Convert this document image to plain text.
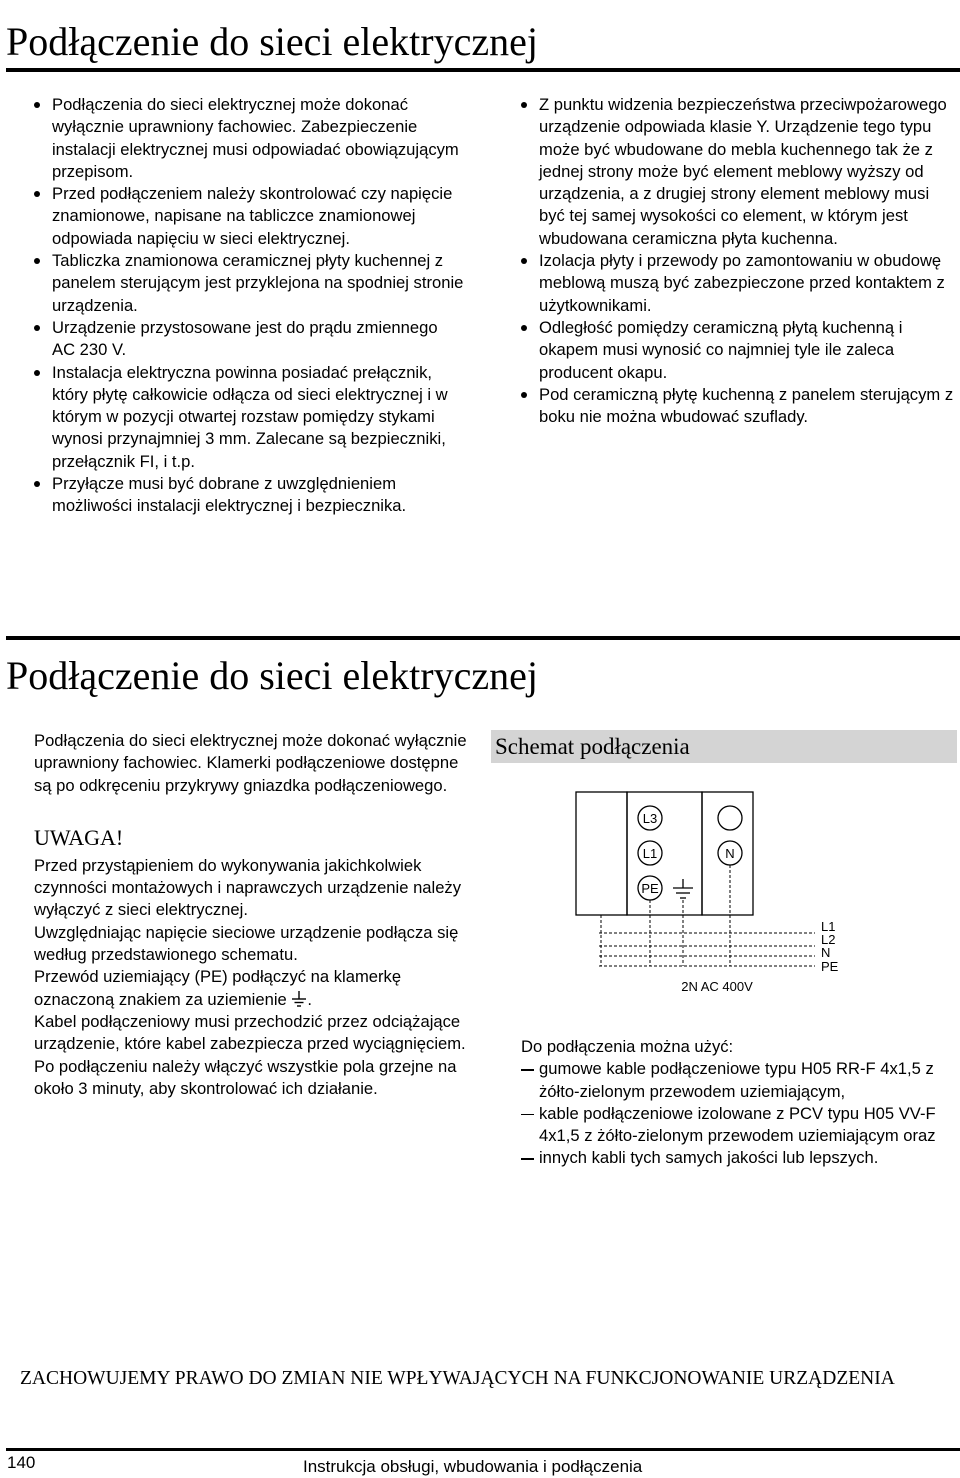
Podłączenie do sieci elektrycznej
Podłączenia do sieci elektrycznej może dokonać wyłącznie uprawniony fachowiec. Zabezpieczenie instalacji elektrycznej musi odpowiadać obowiązującym przepisom.
Przed podłączeniem należy skontrolować czy napięcie znamionowe, napisane na tabliczce znamionowej odpowiada napięciu w sieci elektrycznej.
Tabliczka znamionowa ceramicznej płyty kuchennej z panelem sterującym jest przyklejona na spodniej stronie urządzenia.
Urządzenie przystosowane jest do prądu zmiennego AC 230 V.
Instalacja elektryczna powinna posiadać prełącznik, który płytę całkowicie odłącza od sieci elektrycznej i w którym w pozycji otwartej rozstaw pomiędzy stykami wynosi przynajmniej 3 mm. Zalecane są bezpieczniki, przełącznik FI, i t.p.
Przyłącze musi być dobrane z uwzględnieniem możliwości instalacji elektrycznej i bezpiecznika.
Z punktu widzenia bezpieczeństwa przeciwpożarowego urządzenie odpowiada klasie Y. Urządzenie tego typu może być wbudowane do mebla kuchennego tak że z jednej strony może być element meblowy wyższy od urządzenia, a z drugiej strony element meblowy musi być tej samej wysokości co element, w którym jest wbudowana ceramiczna płyta kuchenna.
Izolacja płyty i przewody po zamontowaniu w obudowę meblową muszą być zabezpieczone przed kontaktem z użytkownikami.
Odległość pomiędzy ceramiczną płytą kuchenną i okapem musi wynosić co najmniej tyle ile zaleca producent okapu.
Pod ceramiczną płytę kuchenną z panelem sterującym z boku nie można wbudować szuflady.
Podłączenie do sieci elektrycznej

Podłączenia do sieci elektrycznej może dokonać wyłącznie uprawniony fachowiec. Klamerki podłączeniowe dostępne są po odkręceniu przykrywy gniazdka podłączeniowego.

UWAGA!

Przed przystąpieniem do wykonywania jakichkolwiek czynności montażowych i naprawczych urządzenie należy wyłączyć z sieci elektrycznej.

Uwzględniając napięcie sieciowe urządzenie podłącza się według przedstawionego schematu.

Przewód uziemiający (PE) podłączyć na klamerkę oznaczoną znakiem za uziemienie .

Kabel podłączeniowy musi przechodzić przez odciążające urządzenie, które kabel zabezpiecza przed wyciągnięciem.

Po podłączeniu należy włączyć wszystkie pola grzejne na około 3 minuty, aby skontrolować ich działanie.

Schemat podłączenia
L3
L1	N
PE
L1
L2
N
PE
2N AC 400V

Do podłączenia można użyć:

gumowe kable podłączeniowe typu H05 RR-F 4x1,5 z żółto-zielonym przewodem uziemiającym,
kable podłączeniowe izolowane z PCV typu H05 VV-F 4x1,5 z żółto-zielonym przewodem uziemiającym oraz
innych kabli tych samych jakości lub lepszych.
ZACHOWUJEMY PRAWO DO ZMIAN NIE WPŁYWAJĄCYCH NA FUNKCJONOWANIE URZĄDZENIA
140	Instrukcja obsługi, wbudowania i podłączenia
